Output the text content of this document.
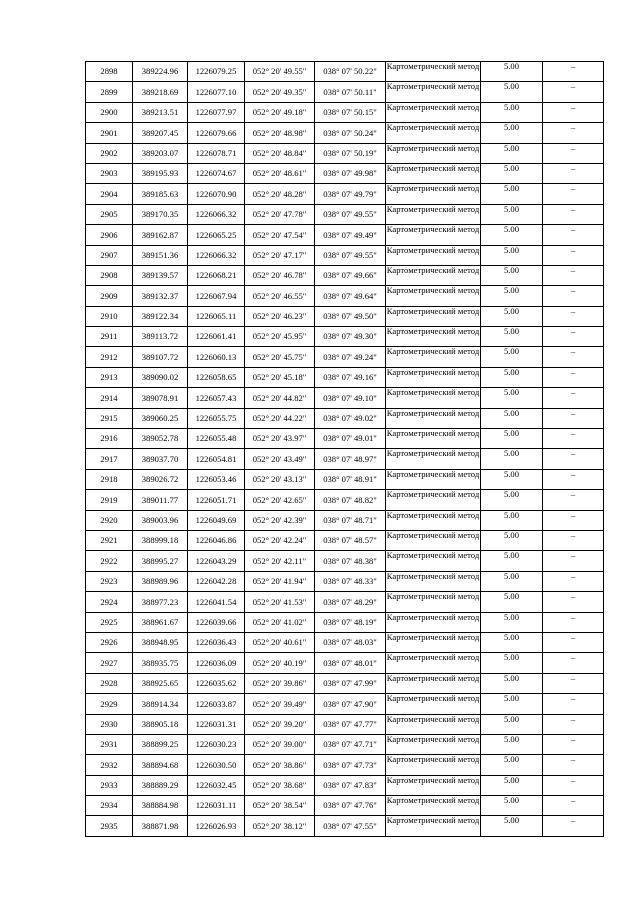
2898	389224.96	1226079.25	052° 20' 49.55"	038° 07' 50.22"	Картометрический метод	5.00	–
2899	389218.69	1226077.10	052° 20' 49.35"	038° 07' 50.11"	Картометрический метод	5.00	–
2900	389213.51	1226077.97	052° 20' 49.18"	038° 07' 50.15"	Картометрический метод	5.00	–
2901	389207.45	1226079.66	052° 20' 48.98"	038° 07' 50.24"	Картометрический метод	5.00	–
2902	389203.07	1226078.71	052° 20' 48.84"	038° 07' 50.19"	Картометрический метод	5.00	–
2903	389195.93	1226074.67	052° 20' 48.61"	038° 07' 49.98"	Картометрический метод	5.00	–
2904	389185.63	1226070.90	052° 20' 48.28"	038° 07' 49.79"	Картометрический метод	5.00	–
2905	389170.35	1226066.32	052° 20' 47.78"	038° 07' 49.55"	Картометрический метод	5.00	–
2906	389162.87	1226065.25	052° 20' 47.54"	038° 07' 49.49"	Картометрический метод	5.00	–
2907	389151.36	1226066.32	052° 20' 47.17"	038° 07' 49.55"	Картометрический метод	5.00	–
2908	389139.57	1226068.21	052° 20' 46.78"	038° 07' 49.66"	Картометрический метод	5.00	–
2909	389132.37	1226067.94	052° 20' 46.55"	038° 07' 49.64"	Картометрический метод	5.00	–
2910	389122.34	1226065.11	052° 20' 46.23"	038° 07' 49.50"	Картометрический метод	5.00	–
2911	389113.72	1226061.41	052° 20' 45.95"	038° 07' 49.30"	Картометрический метод	5.00	–
2912	389107.72	1226060.13	052° 20' 45.75"	038° 07' 49.24"	Картометрический метод	5.00	–
2913	389090.02	1226058.65	052° 20' 45.18"	038° 07' 49.16"	Картометрический метод	5.00	–
2914	389078.91	1226057.43	052° 20' 44.82"	038° 07' 49.10"	Картометрический метод	5.00	–
2915	389060.25	1226055.75	052° 20' 44.22"	038° 07' 49.02"	Картометрический метод	5.00	–
2916	389052.78	1226055.48	052° 20' 43.97"	038° 07' 49.01"	Картометрический метод	5.00	–
2917	389037.70	1226054.81	052° 20' 43.49"	038° 07' 48.97"	Картометрический метод	5.00	–
2918	389026.72	1226053.46	052° 20' 43.13"	038° 07' 48.91"	Картометрический метод	5.00	–
2919	389011.77	1226051.71	052° 20' 42.65"	038° 07' 48.82"	Картометрический метод	5.00	–
2920	389003.96	1226049.69	052° 20' 42.39"	038° 07' 48.71"	Картометрический метод	5.00	–
2921	388999.18	1226046.86	052° 20' 42.24"	038° 07' 48.57"	Картометрический метод	5.00	–
2922	388995.27	1226043.29	052° 20' 42.11"	038° 07' 48.38"	Картометрический метод	5.00	–
2923	388989.96	1226042.28	052° 20' 41.94"	038° 07' 48.33"	Картометрический метод	5.00	–
2924	388977.23	1226041.54	052° 20' 41.53"	038° 07' 48.29"	Картометрический метод	5.00	–
2925	388961.67	1226039.66	052° 20' 41.02"	038° 07' 48.19"	Картометрический метод	5.00	–
2926	388948.95	1226036.43	052° 20' 40.61"	038° 07' 48.03"	Картометрический метод	5.00	–
2927	388935.75	1226036.09	052° 20' 40.19"	038° 07' 48.01"	Картометрический метод	5.00	–
2928	388925.65	1226035.62	052° 20' 39.86"	038° 07' 47.99"	Картометрический метод	5.00	–
2929	388914.34	1226033.87	052° 20' 39.49"	038° 07' 47.90"	Картометрический метод	5.00	–
2930	388905.18	1226031.31	052° 20' 39.20"	038° 07' 47.77"	Картометрический метод	5.00	–
2931	388899.25	1226030.23	052° 20' 39.00"	038° 07' 47.71"	Картометрический метод	5.00	–
2932	388894.68	1226030.50	052° 20' 38.86"	038° 07' 47.73"	Картометрический метод	5.00	–
2933	388889.29	1226032.45	052° 20' 38.68"	038° 07' 47.83"	Картометрический метод	5.00	–
2934	388884.98	1226031.11	052° 20' 38.54"	038° 07' 47.76"	Картометрический метод	5.00	–
2935	388871.98	1226026.93	052° 20' 38.12"	038° 07' 47.55"	Картометрический метод	5.00	–
